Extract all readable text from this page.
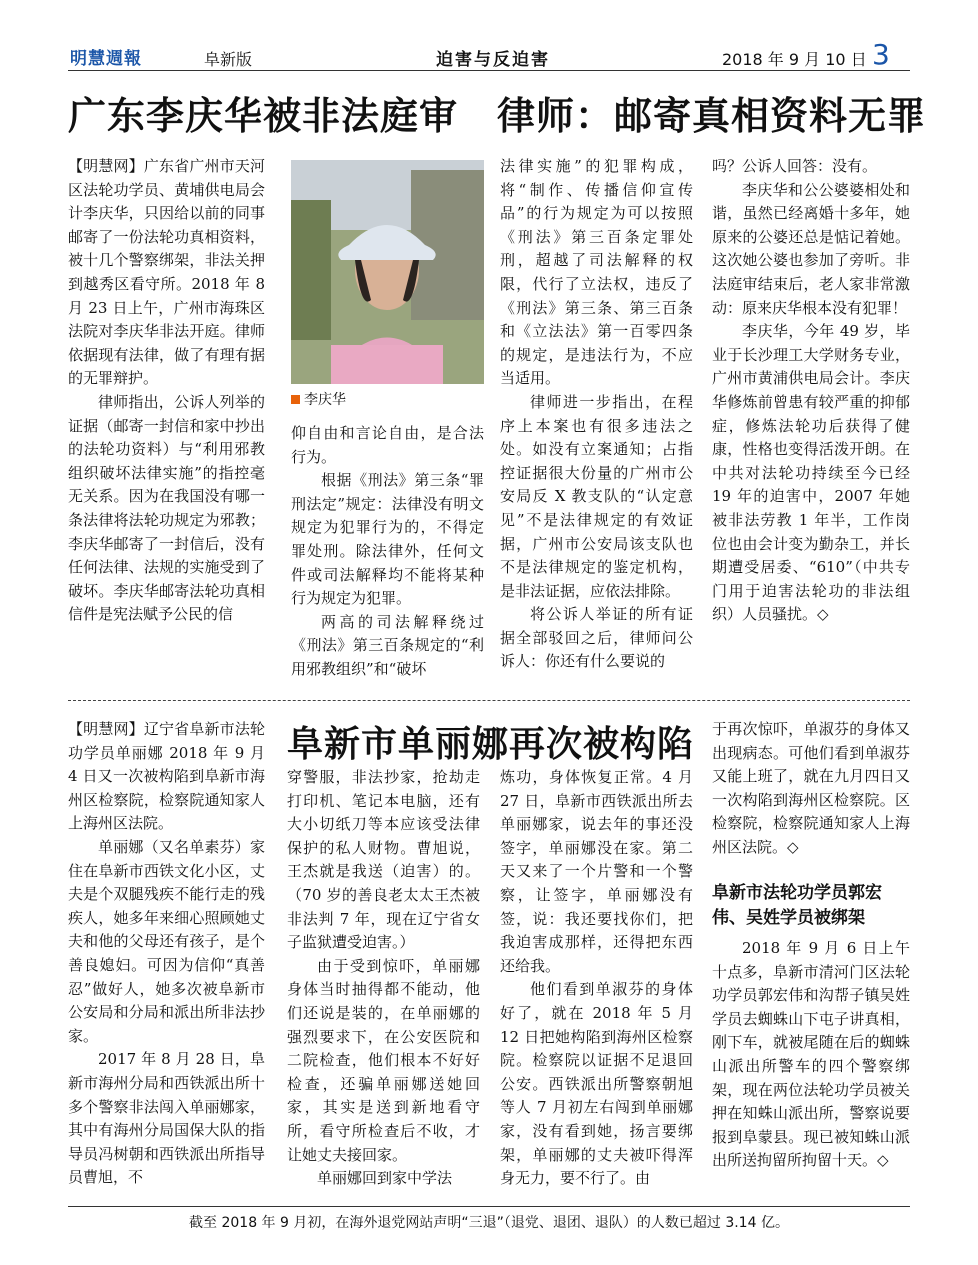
明慧週報	阜新版	迫害与反迫害	2018 年 9 月 10 日 3
广东李庆华被非法庭审　律师：邮寄真相资料无罪

【明慧网】广东省广州市天河区法轮功学员、黄埔供电局会计李庆华，只因给以前的同事邮寄了一份法轮功真相资料，被十几个警察绑架，非法关押到越秀区看守所。2018 年 8 月 23 日上午，广州市海珠区法院对李庆华非法开庭。律师依据现有法律，做了有理有据的无罪辩护。

律师指出，公诉人列举的证据（邮寄一封信和家中抄出的法轮功资料）与“利用邪教组织破坏法律实施”的指控毫无关系。因为在我国没有哪一条法律将法轮功规定为邪教；李庆华邮寄了一封信后，没有任何法律、法规的实施受到了破坏。李庆华邮寄法轮功真相信件是宪法赋予公民的信

李庆华

仰自由和言论自由，是合法行为。

根据《刑法》第三条“罪刑法定”规定：法律没有明文规定为犯罪行为的，不得定罪处刑。除法律外，任何文件或司法解释均不能将某种行为规定为犯罪。

两高的司法解释绕过《刑法》第三百条规定的“利用邪教组织”和“破坏

法律实施”的犯罪构成，将“制作、传播信仰宣传品”的行为规定为可以按照《刑法》第三百条定罪处刑，超越了司法解释的权限，代行了立法权，违反了《刑法》第三条、第三百条和《立法法》第一百零四条的规定，是违法行为，不应当适用。

律师进一步指出，在程序上本案也有很多违法之处。如没有立案通知；占指控证据很大份量的广州市公安局反 X 教支队的“认定意见”不是法律规定的有效证据，广州市公安局该支队也不是法律规定的鉴定机构，是非法证据，应依法排除。

将公诉人举证的所有证据全部驳回之后，律师问公诉人：你还有什么要说的

吗？公诉人回答：没有。

李庆华和公公婆婆相处和谐，虽然已经离婚十多年，她原来的公婆还总是惦记着她。这次她公婆也参加了旁听。非法庭审结束后，老人家非常激动：原来庆华根本没有犯罪！

李庆华，今年 49 岁，毕业于长沙理工大学财务专业，广州市黄浦供电局会计。李庆华修炼前曾患有较严重的抑郁症，修炼法轮功后获得了健康，性格也变得活泼开朗。在中共对法轮功持续至今已经 19 年的迫害中，2007 年她被非法劳教 1 年半，工作岗位也由会计变为勤杂工，并长期遭受居委、“610”（中共专门用于迫害法轮功的非法组织）人员骚扰。◇

阜新市单丽娜再次被构陷

【明慧网】辽宁省阜新市法轮功学员单丽娜 2018 年 9 月 4 日又一次被构陷到阜新市海州区检察院，检察院通知家人上海州区法院。

单丽娜（又名单素芬）家住在阜新市西铁文化小区，丈夫是个双腿残疾不能行走的残疾人，她多年来细心照顾她丈夫和他的父母还有孩子，是个善良媳妇。可因为信仰“真善忍”做好人，她多次被阜新市公安局和分局和派出所非法抄家。

2017 年 8 月 28 日，阜新市海州分局和西铁派出所十多个警察非法闯入单丽娜家，其中有海州分局国保大队的指导员冯树朝和西铁派出所指导员曹旭，不

穿警服，非法抄家，抢劫走打印机、笔记本电脑，还有大小切纸刀等本应该受法律保护的私人财物。曹旭说，王杰就是我送（迫害）的。（70 岁的善良老太太王杰被非法判 7 年，现在辽宁省女子监狱遭受迫害。）

由于受到惊吓，单丽娜身体当时抽得都不能动，他们还说是装的，在单丽娜的强烈要求下，在公安医院和二院检查，他们根本不好好检查，还骗单丽娜送她回家，其实是送到新地看守所，看守所检查后不收，才让她丈夫接回家。

单丽娜回到家中学法

炼功，身体恢复正常。4 月 27 日，阜新市西铁派出所去单丽娜家，说去年的事还没签字，单丽娜没在家。第二天又来了一个片警和一个警察，让签字，单丽娜没有签，说：我还要找你们，把我迫害成那样，还得把东西还给我。

他们看到单淑芬的身体好了，就在 2018 年 5 月 12 日把她构陷到海州区检察院。检察院以证据不足退回公安。西铁派出所警察朝旭等人 7 月初左右闯到单丽娜家，没有看到她，扬言要绑架，单丽娜的丈夫被吓得浑身无力，要不行了。由

于再次惊吓，单淑芬的身体又出现病态。可他们看到单淑芬又能上班了，就在九月四日又一次构陷到海州区检察院。区检察院，检察院通知家人上海州区法院。◇

阜新市法轮功学员郭宏伟、吴姓学员被绑架

2018 年 9 月 6 日上午十点多，阜新市清河门区法轮功学员郭宏伟和沟帮子镇吴姓学员去蜘蛛山下屯子讲真相，刚下车，就被尾随在后的蜘蛛山派出所警车的四个警察绑架，现在两位法轮功学员被关押在知蛛山派出所，警察说要报到阜蒙县。现已被知蛛山派出所送拘留所拘留十天。◇

截至 2018 年 9 月初，在海外退党网站声明“三退”（退党、退团、退队）的人数已超过 3.14 亿。
